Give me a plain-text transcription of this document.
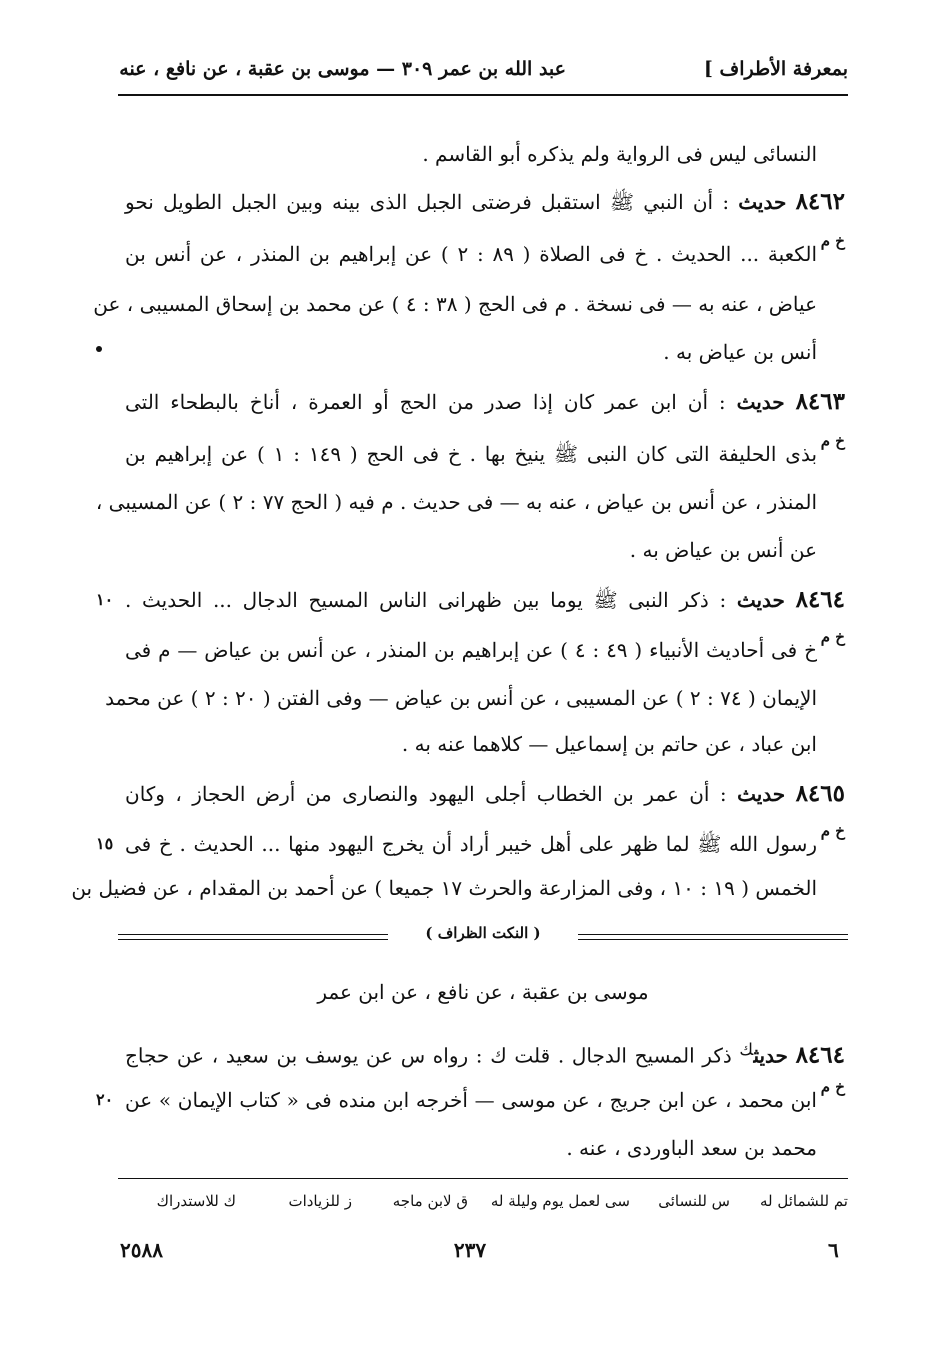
بمعرفة الأطراف ]
عبد الله بن عمر ٣٠٩ — موسى بن عقبة ، عن نافع ، عنه
النسائى ليس فى الرواية ولم يذكره أبو القاسم .
٨٤٦٢ حديث : أن النبي ﷺ استقبل فرضتى الجبل الذى بينه وبين الجبل الطويل نحو
خ م
الكعبة ... الحديث . خ فى الصلاة ( ٨٩ : ٢ ) عن إبراهيم بن المنذر ، عن أنس بن
عياض ، عنه به — فى نسخة . م فى الحج ( ٣٨ : ٤ ) عن محمد بن إسحاق المسيبى ، عن
أنس بن عياض به .
٨٤٦٣ حديث : أن ابن عمر كان إذا صدر من الحج أو العمرة ، أناخ بالبطحاء التى
خ م
بذى الحليفة التى كان النبى ﷺ ينيخ بها . خ فى الحج ( ١٤٩ : ١ ) عن إبراهيم بن
المنذر ، عن أنس بن عياض ، عنه به — فى حديث . م فيه ( الحج ٧٧ : ٢ ) عن المسيبى ،
عن أنس بن عياض به .
٨٤٦٤ حديث : ذكر النبى ﷺ يوما بين ظهرانى الناس المسيح الدجال ... الحديث .
١٠
خ م
خ فى أحاديث الأنبياء ( ٤٩ : ٤ ) عن إبراهيم بن المنذر ، عن أنس بن عياض — م فى
الإيمان ( ٧٤ : ٢ ) عن المسيبى ، عن أنس بن عياض — وفى الفتن ( ٢٠ : ٢ ) عن محمد
ابن عباد ، عن حاتم بن إسماعيل — كلاهما عنه به .
٨٤٦٥ حديث : أن عمر بن الخطاب أجلى اليهود والنصارى من أرض الحجاز ، وكان
خ م
رسول الله ﷺ لما ظهر على أهل خيبر أراد أن يخرج اليهود منها ... الحديث . خ فى
١٥
الخمس ( ١٩ : ١٠ ، وفى المزارعة والحرث ١٧ جميعا ) عن أحمد بن المقدام ، عن فضيل بن
( النكت الظراف )
موسى بن عقبة ، عن نافع ، عن ابن عمر
٨٤٦٤ حديث$^ك$ ذكر المسيح الدجال . قلت ك : رواه س عن يوسف بن سعيد ، عن حجاج
خ م
ابن محمد ، عن ابن جريج ، عن موسى — أخرجه ابن منده فى « كتاب الإيمان » عن
٢٠
محمد بن سعد الباوردى ، عنه .
تم للشمائل له
س للنسائى
سى لعمل يوم وليلة له
ق لابن ماجه
ز للزيادات
ك للاستدراك
٦
٢٣٧
٢٥٨٨
